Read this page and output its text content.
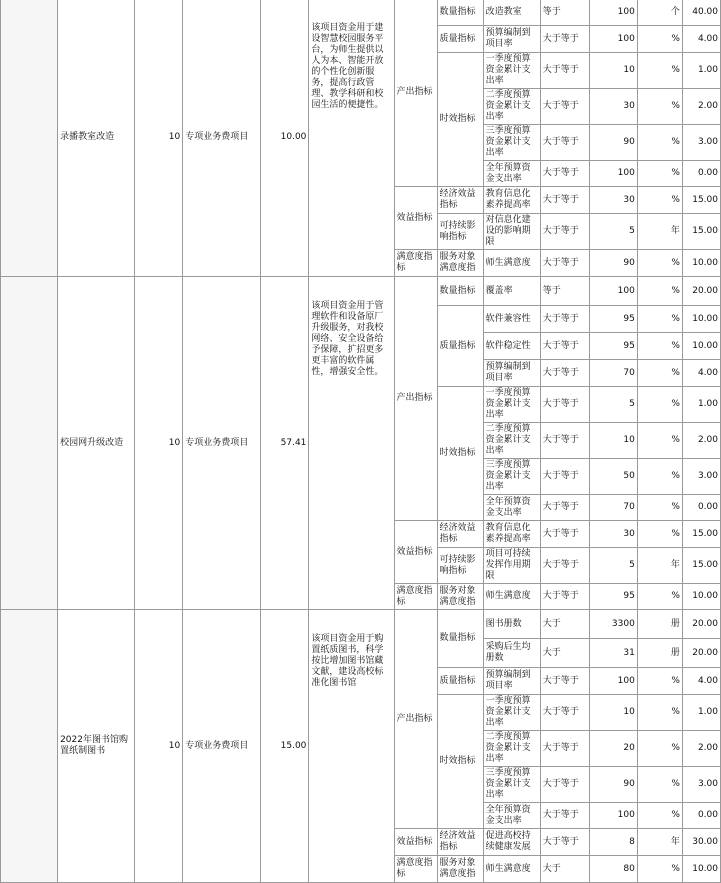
	录播教室改造	10	专项业务费项目	10.00	该项目资金用于建设智慧校园服务平台，为师生提供以人为本、智能开放的个性化创新服务，提高行政管理、教学科研和校园生活的便捷性。	产出指标	数量指标	改造教室	等于	100	个	40.00
							质量指标	预算编制到项目率	大于等于	100	%	4.00
							时效指标	一季度预算资金累计支出率	大于等于	10	%	1.00
								二季度预算资金累计支出率	大于等于	30	%	2.00
								三季度预算资金累计支出率	大于等于	90	%	3.00
								全年预算资金支出率	大于等于	100	%	0.00
						效益指标	经济效益指标	教育信息化素养提高率	大于等于	30	%	15.00
							可持续影响指标	对信息化建设的影响期限	大于等于	5	年	15.00
						满意度指标	服务对象满意度指	师生满意度	大于等于	90	%	10.00
	校园网升级改造	10	专项业务费项目	57.41	该项目资金用于管理软件和设备原厂升级服务，对我校网络、安全设备给予保障，扩招更多更丰富的软件属性，增强安全性。	产出指标	数量指标	覆盖率	等于	100	%	20.00
							质量指标	软件兼容性	大于等于	95	%	10.00
								软件稳定性	大于等于	95	%	10.00
								预算编制到项目率	大于等于	70	%	4.00
							时效指标	一季度预算资金累计支出率	大于等于	5	%	1.00
								二季度预算资金累计支出率	大于等于	10	%	2.00
								三季度预算资金累计支出率	大于等于	50	%	3.00
								全年预算资金支出率	大于等于	70	%	0.00
						效益指标	经济效益指标	教育信息化素养提高率	大于等于	30	%	15.00
							可持续影响指标	项目可持续发挥作用期限	大于等于	5	年	15.00
						满意度指标	服务对象满意度指	师生满意度	大于等于	95	%	10.00
	2022年图书馆购置纸制图书	10	专项业务费项目	15.00	该项目资金用于购置纸质图书，科学按比增加图书馆藏文献，建设高校标准化图书馆	产出指标	数量指标	图书册数	大于	3300	册	20.00
								采购后生均册数	大于	31	册	20.00
							质量指标	预算编制到项目率	大于等于	100	%	4.00
							时效指标	一季度预算资金累计支出率	大于等于	10	%	1.00
								二季度预算资金累计支出率	大于等于	20	%	2.00
								三季度预算资金累计支出率	大于等于	90	%	3.00
								全年预算资金支出率	大于等于	100	%	0.00
						效益指标	经济效益指标	促进高校持续健康发展	大于等于	8	年	30.00
						满意度指标	服务对象满意度指	师生满意度	大于	80	%	10.00
